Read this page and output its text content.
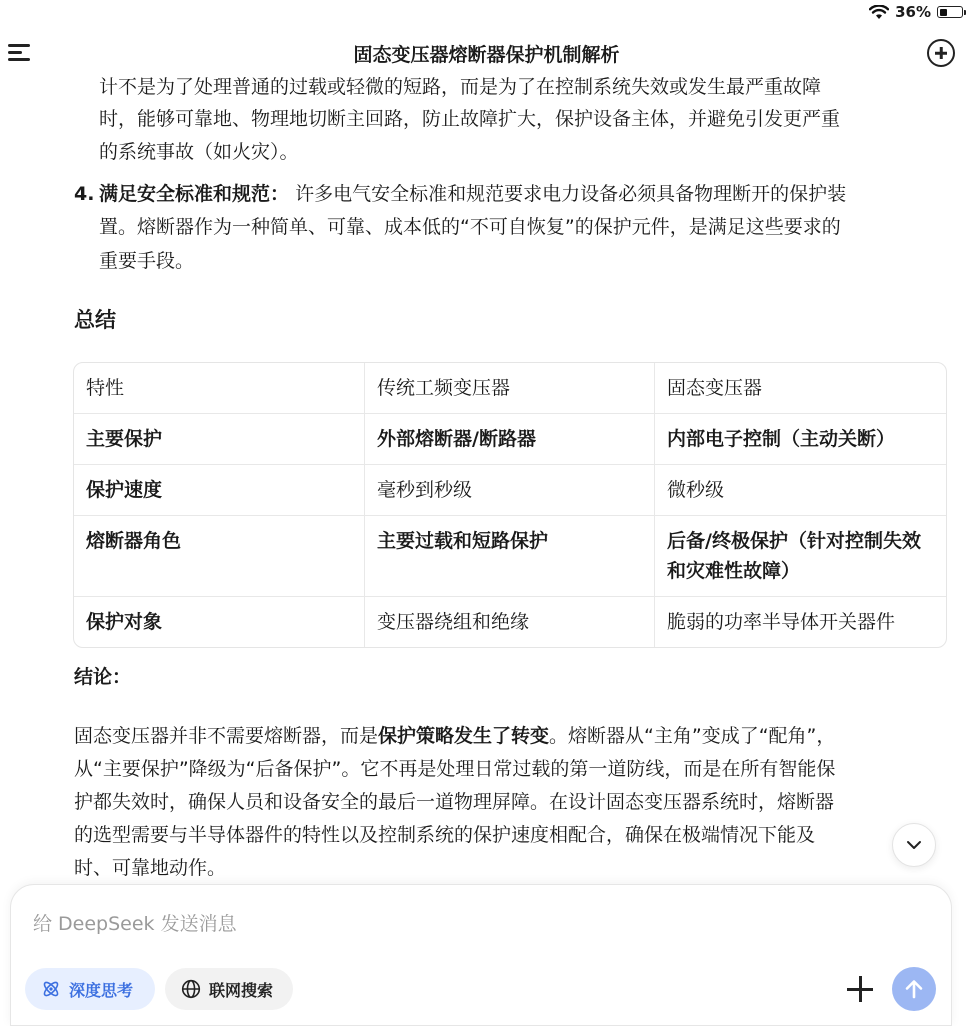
36%
固态变压器熔断器保护机制解析
计不是为了处理普通的过载或轻微的短路，而是为了在控制系统失效或发生最严重故障
时，能够可靠地、物理地切断主回路，防止故障扩大，保护设备主体，并避免引发更严重
的系统事故（如火灾）。
4. 满足安全标准和规范： 许多电气安全标准和规范要求电力设备必须具备物理断开的保护装
置。熔断器作为一种简单、可靠、成本低的“不可自恢复”的保护元件，是满足这些要求的
重要手段。
总结
特性	传统工频变压器	固态变压器
主要保护	外部熔断器/断路器	内部电子控制（主动关断）
保护速度	毫秒到秒级	微秒级
熔断器角色	主要过载和短路保护	后备/终极保护（针对控制失效和灾难性故障）
保护对象	变压器绕组和绝缘	脆弱的功率半导体开关器件
结论：
固态变压器并非不需要熔断器，而是保护策略发生了转变。熔断器从“主角”变成了“配角”，
从“主要保护”降级为“后备保护”。它不再是处理日常过载的第一道防线，而是在所有智能保
护都失效时，确保人员和设备安全的最后一道物理屏障。在设计固态变压器系统时，熔断器
的选型需要与半导体器件的特性以及控制系统的保护速度相配合，确保在极端情况下能及
时、可靠地动作。
给 DeepSeek 发送消息
深度思考	联网搜索
